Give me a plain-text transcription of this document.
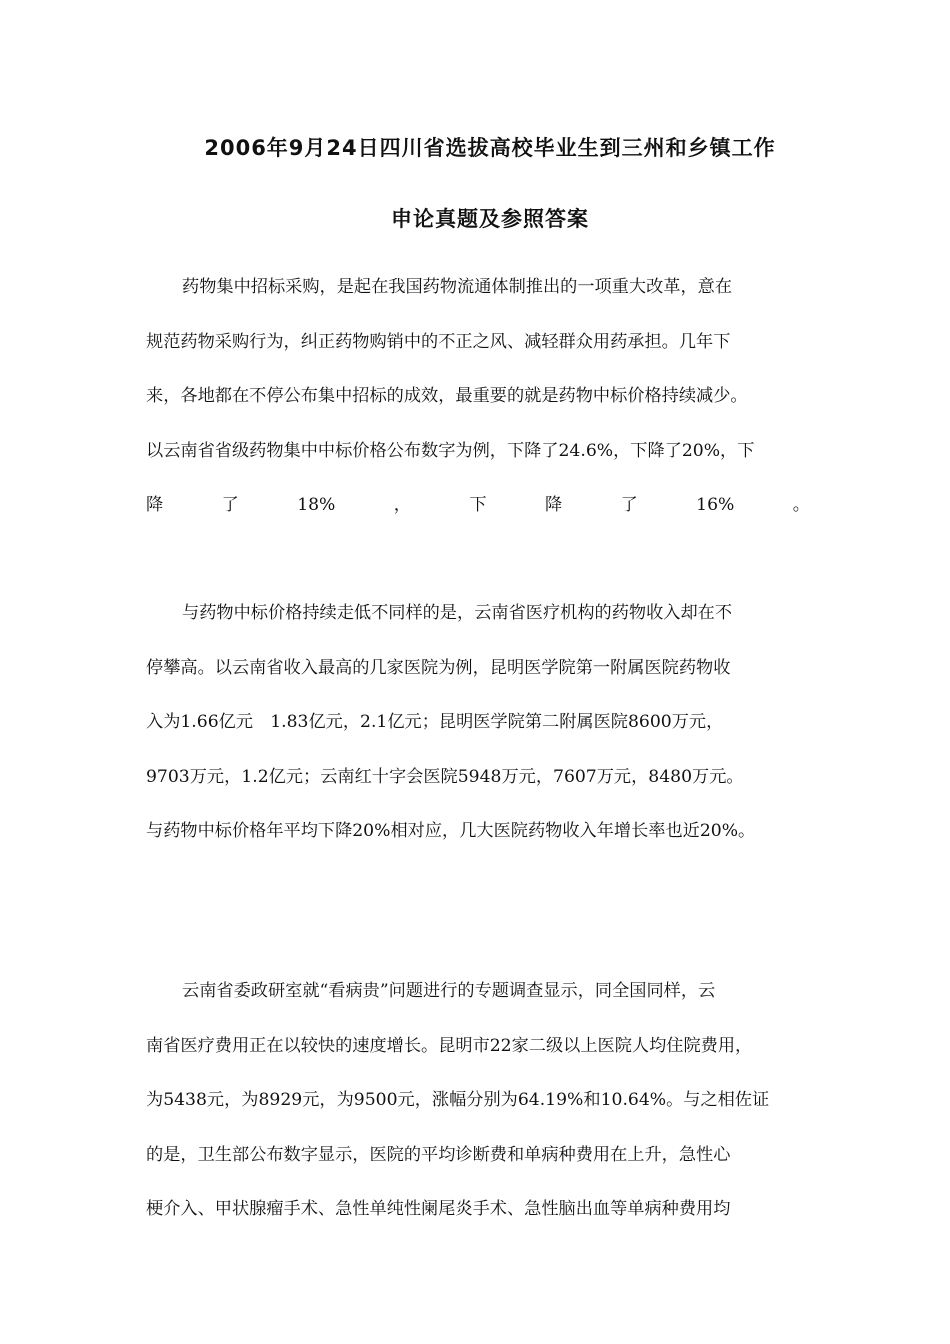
2006年9月24日四川省选拔高校毕业生到三州和乡镇工作
申论真题及参照答案
药物集中招标采购，是起在我国药物流通体制推出的一项重大改革，意在
规范药物采购行为，纠正药物购销中的不正之风、减轻群众用药承担。几年下
来，各地都在不停公布集中招标的成效，最重要的就是药物中标价格持续减少。
以云南省省级药物集中中标价格公布数字为例，下降了24.6%，下降了20%，下
降	了	18%	，	下	降	了	16%	。
与药物中标价格持续走低不同样的是，云南省医疗机构的药物收入却在不
停攀高。以云南省收入最高的几家医院为例，昆明医学院第一附属医院药物收
入为1.66亿元　1.83亿元，2.1亿元；昆明医学院第二附属医院8600万元，
9703万元，1.2亿元；云南红十字会医院5948万元，7607万元，8480万元。
与药物中标价格年平均下降20%相对应，几大医院药物收入年增长率也近20%。
云南省委政研室就“看病贵”问题进行的专题调查显示，同全国同样，云
南省医疗费用正在以较快的速度增长。昆明市22家二级以上医院人均住院费用，
为5438元，为8929元，为9500元，涨幅分别为64.19%和10.64%。与之相佐证
的是，卫生部公布数字显示，医院的平均诊断费和单病种费用在上升，急性心
梗介入、甲状腺瘤手术、急性单纯性阑尾炎手术、急性脑出血等单病种费用均
